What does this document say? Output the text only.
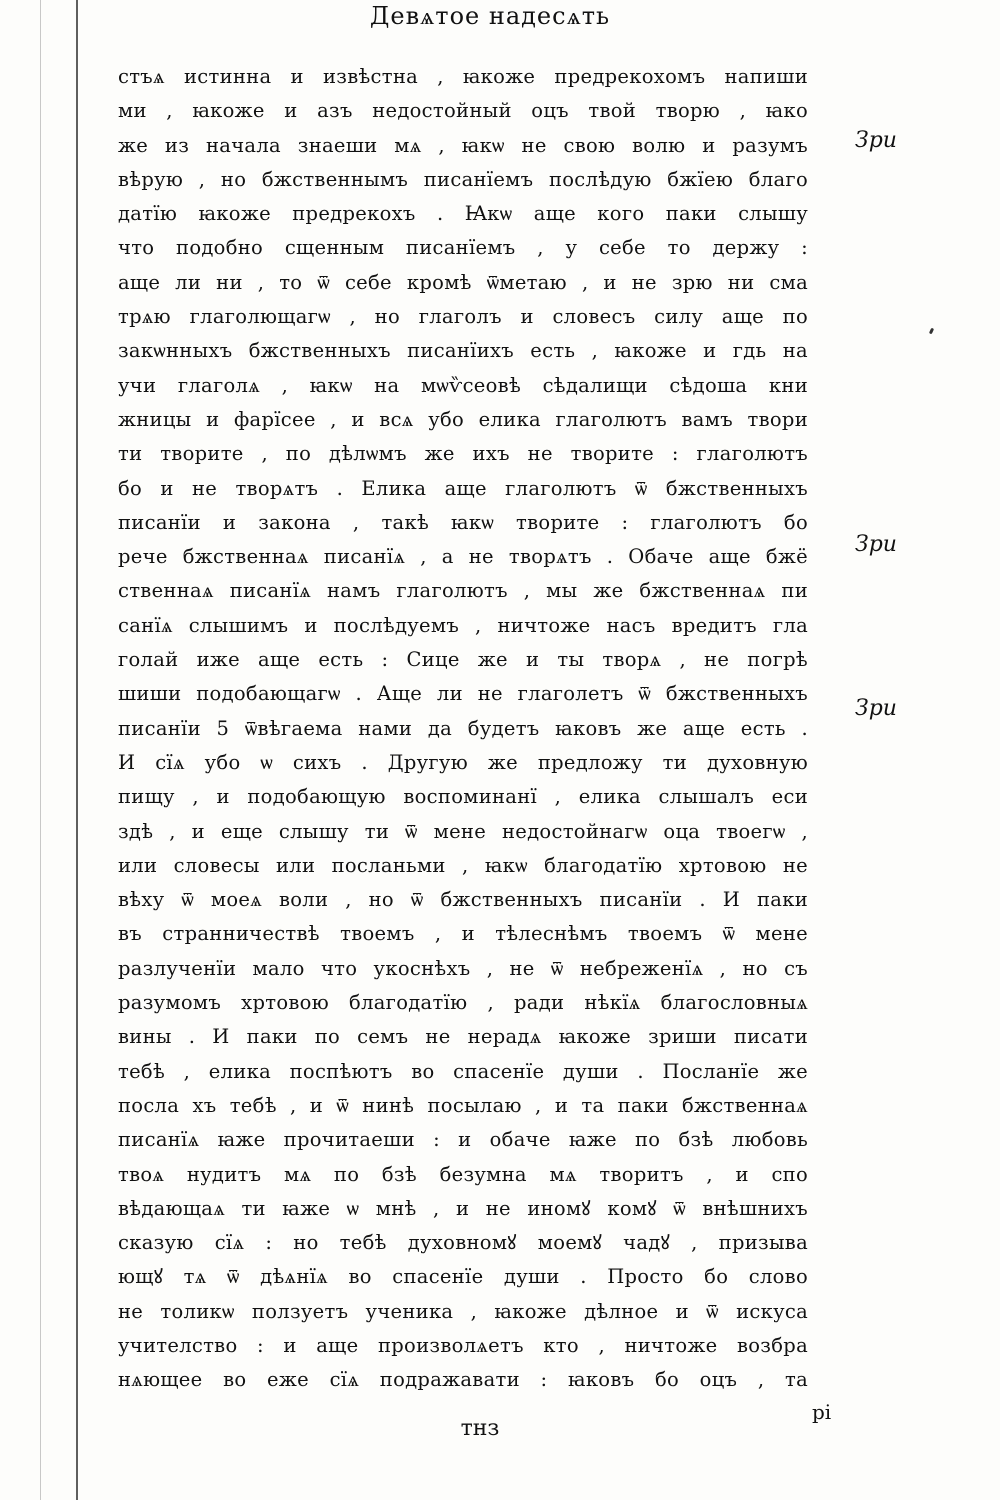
Девѧтое надесѧть
стъѧ истинна и извѣстна , ꙗкоже предрекохомъ напиши
ми , ꙗкоже и азъ недостойный оцъ твой творю , ꙗко
же из начала знаеши мѧ , ꙗкѡ не свою волю и разумъ
вѣрую , но бжственнымъ писанїемъ послѣдую бжїею благо
датїю ꙗкоже предрекохъ . Ꙗкѡ аще кого паки слышу
что подобно сщенным писанїемъ , у себе то держу :
аще ли ни , то ѿ себе кромѣ ѿметаю , и не зрю ни сма
трѧю глаголющагѡ , но глаголъ и словесъ силу аще по
закѡнныхъ бжственныхъ писанїихъ есть , ꙗкоже и гдь на
учи глаголѧ , ꙗкѡ на мѡѷсеовѣ сѣдалищи сѣдоша кни
жницы и фарїсее , и всѧ убо елика глаголютъ вамъ твори
ти творите , по дѣлѡмъ же ихъ не творите : глаголютъ
бо и не творѧтъ . Елика аще глаголютъ ѿ бжственныхъ
писанїи и закона , такѣ ꙗкѡ творите : глаголютъ бо
рече бжственнаѧ писанїѧ , а не творѧтъ . Обаче аще бжё
ственнаѧ писанїѧ намъ глаголютъ , мы же бжственнаѧ пи
санїѧ слышимъ и послѣдуемъ , ничтоже насъ вредитъ гла
голай иже аще есть : Сице же и ты творѧ , не погрѣ
шиши подобающагѡ . Аще ли не глаголетъ ѿ бжственныхъ
писанїи 5 ѿвѣгаема нами да будетъ ꙗковъ же аще есть .
И сїѧ убо ѡ сихъ . Другую же предложу ти духовную
пищу , и подобающую воспоминанї , елика слышалъ еси
здѣ , и еще слышу ти ѿ мене недостойнагѡ оца твоегѡ ,
или словесы или посланьми , ꙗкѡ благодатїю хртовою не
вѣху ѿ моеѧ воли , но ѿ бжственныхъ писанїи . И паки
въ странничествѣ твоемъ , и тѣлеснѣмъ твоемъ ѿ мене
разлученїи мало что укоснѣхъ , не ѿ небреженїѧ , но съ
разумомъ хртовою благодатїю , ради нѣкїѧ благословныѧ
вины . И паки по семъ не нерадѧ ꙗкоже зриши писати
тебѣ , елика поспѣютъ во спасенїе души . Посланїе же
посла хъ тебѣ , и ѿ нинѣ посылаю , и та паки бжственнаѧ
писанїѧ ꙗже прочитаеши : и обаче ꙗже по бзѣ любовь
твоѧ нудитъ мѧ по бзѣ безумна мѧ творитъ , и спо
вѣдающаѧ ти ꙗже ѡ мнѣ , и не иномꙋ комꙋ ѿ внѣшнихъ
сказую сїѧ : но тебѣ духовномꙋ моемꙋ чадꙋ , призыва
ющꙋ тѧ ѿ дѣѧнїѧ во спасенїе души . Просто бо слово
не толикѡ ползуетъ ученика , ꙗкоже дѣлное и ѿ искуса
учителство : и аще произволѧетъ кто , ничтоже возбра
нѧющее во еже сїѧ подражавати : ꙗковъ бо оцъ , та
Зри
Зри
Зри
тнз
рі
